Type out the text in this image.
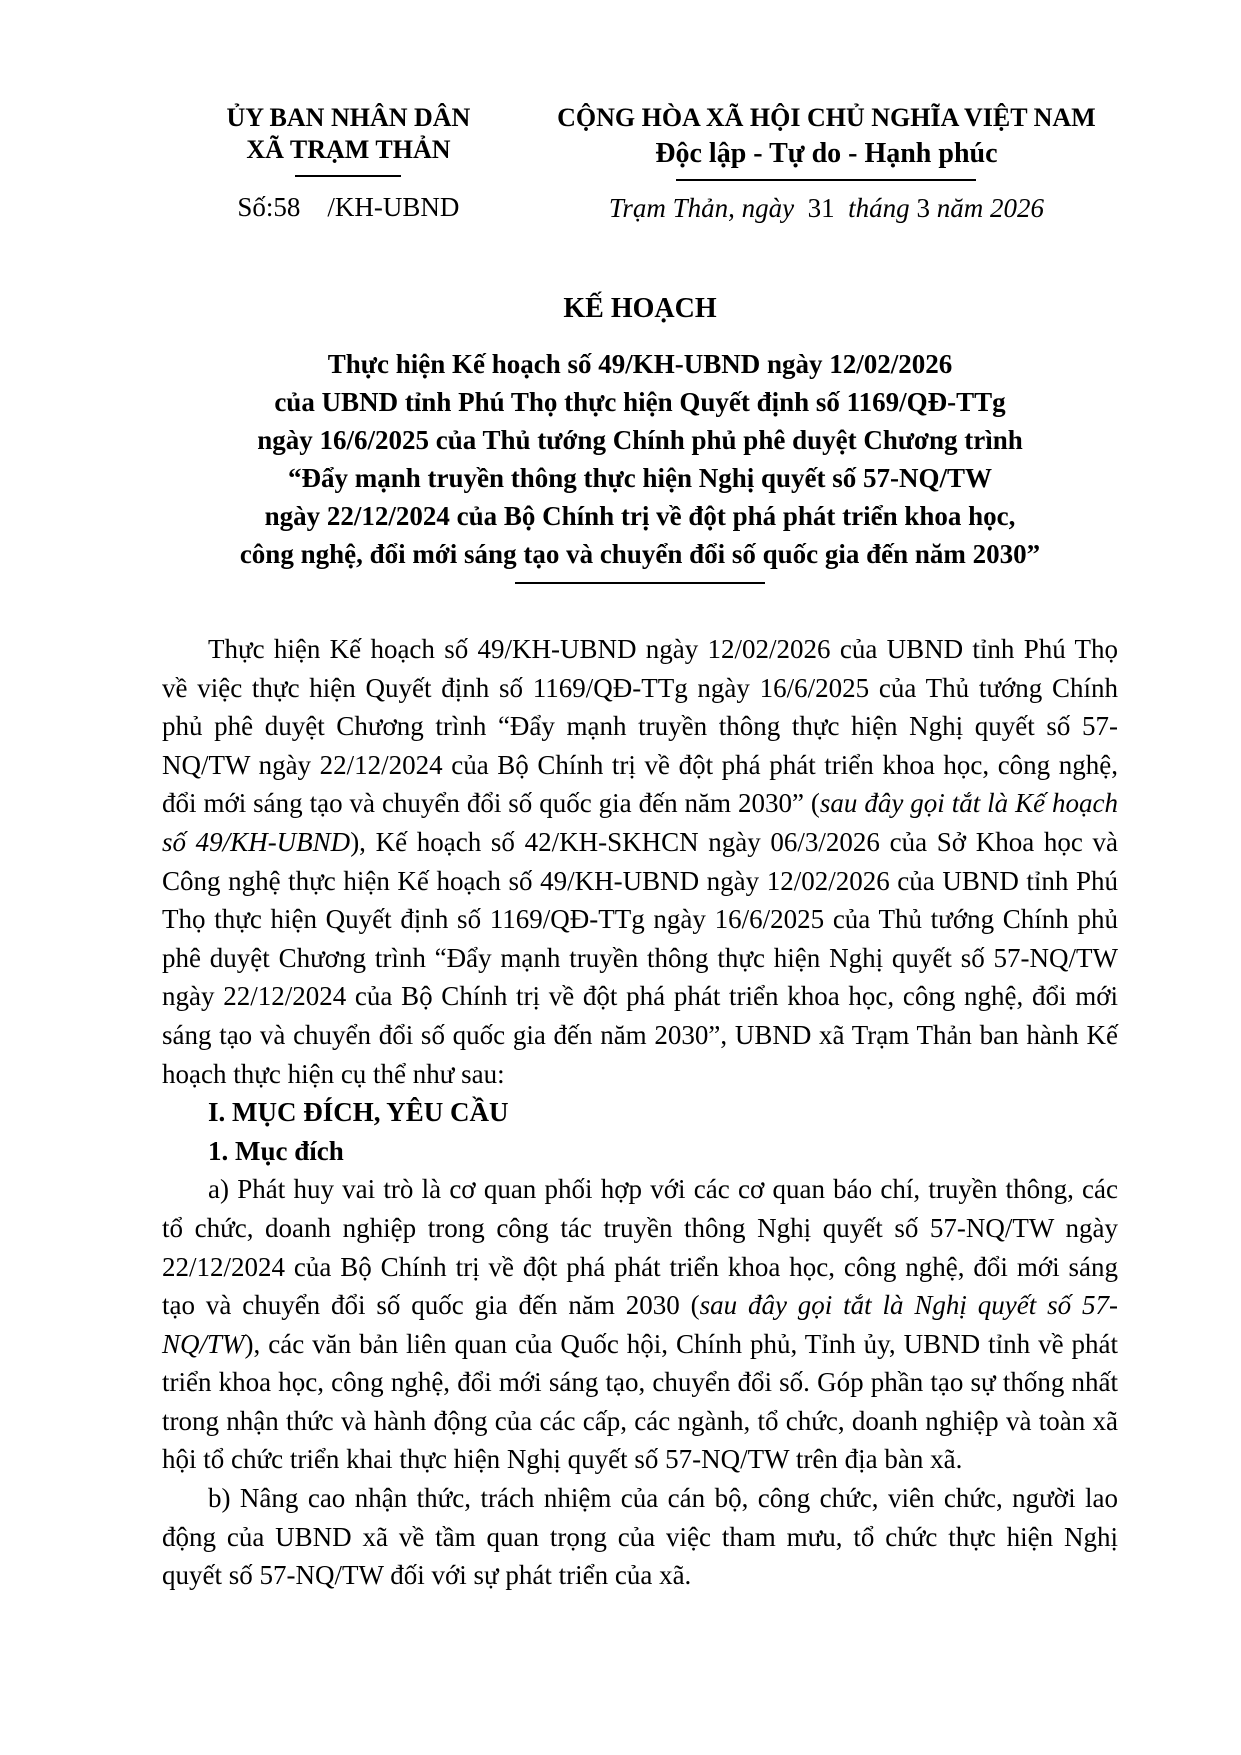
ỦY BAN NHÂN DÂN
XÃ TRẠM THẢN
Số:58    /KH-UBND
CỘNG HÒA XÃ HỘI CHỦ NGHĨA VIỆT NAM
Độc lập - Tự do - Hạnh phúc
Trạm Thản, ngày  31  tháng 3 năm 2026
KẾ HOẠCH
Thực hiện Kế hoạch số 49/KH-UBND ngày 12/02/2026
của UBND tỉnh Phú Thọ thực hiện Quyết định số 1169/QĐ-TTg
ngày 16/6/2025 của Thủ tướng Chính phủ phê duyệt Chương trình
“Đẩy mạnh truyền thông thực hiện Nghị quyết số 57-NQ/TW
ngày 22/12/2024 của Bộ Chính trị về đột phá phát triển khoa học,
công nghệ, đổi mới sáng tạo và chuyển đổi số quốc gia đến năm 2030”

Thực hiện Kế hoạch số 49/KH-UBND ngày 12/02/2026 của UBND tỉnh Phú Thọ về việc thực hiện Quyết định số 1169/QĐ-TTg ngày 16/6/2025 của Thủ tướng Chính phủ phê duyệt Chương trình “Đẩy mạnh truyền thông thực hiện Nghị quyết số 57-NQ/TW ngày 22/12/2024 của Bộ Chính trị về đột phá phát triển khoa học, công nghệ, đổi mới sáng tạo và chuyển đổi số quốc gia đến năm 2030” (sau đây gọi tắt là Kế hoạch số 49/KH-UBND), Kế hoạch số 42/KH-SKHCN ngày 06/3/2026 của Sở Khoa học và Công nghệ thực hiện Kế hoạch số 49/KH-UBND ngày 12/02/2026 của UBND tỉnh Phú Thọ thực hiện Quyết định số 1169/QĐ-TTg ngày 16/6/2025 của Thủ tướng Chính phủ phê duyệt Chương trình “Đẩy mạnh truyền thông thực hiện Nghị quyết số 57-NQ/TW ngày 22/12/2024 của Bộ Chính trị về đột phá phát triển khoa học, công nghệ, đổi mới sáng tạo và chuyển đổi số quốc gia đến năm 2030”, UBND xã Trạm Thản ban hành Kế hoạch thực hiện cụ thể như sau:

I. MỤC ĐÍCH, YÊU CẦU

1. Mục đích

a) Phát huy vai trò là cơ quan phối hợp với các cơ quan báo chí, truyền thông, các tổ chức, doanh nghiệp trong công tác truyền thông Nghị quyết số 57-NQ/TW ngày 22/12/2024 của Bộ Chính trị về đột phá phát triển khoa học, công nghệ, đổi mới sáng tạo và chuyển đổi số quốc gia đến năm 2030 (sau đây gọi tắt là Nghị quyết số 57-NQ/TW), các văn bản liên quan của Quốc hội, Chính phủ, Tỉnh ủy, UBND tỉnh về phát triển khoa học, công nghệ, đổi mới sáng tạo, chuyển đổi số. Góp phần tạo sự thống nhất trong nhận thức và hành động của các cấp, các ngành, tổ chức, doanh nghiệp và toàn xã hội tổ chức triển khai thực hiện Nghị quyết số 57-NQ/TW trên địa bàn xã.

b) Nâng cao nhận thức, trách nhiệm của cán bộ, công chức, viên chức, người lao động của UBND xã về tầm quan trọng của việc tham mưu, tổ chức thực hiện Nghị quyết số 57-NQ/TW đối với sự phát triển của xã.
